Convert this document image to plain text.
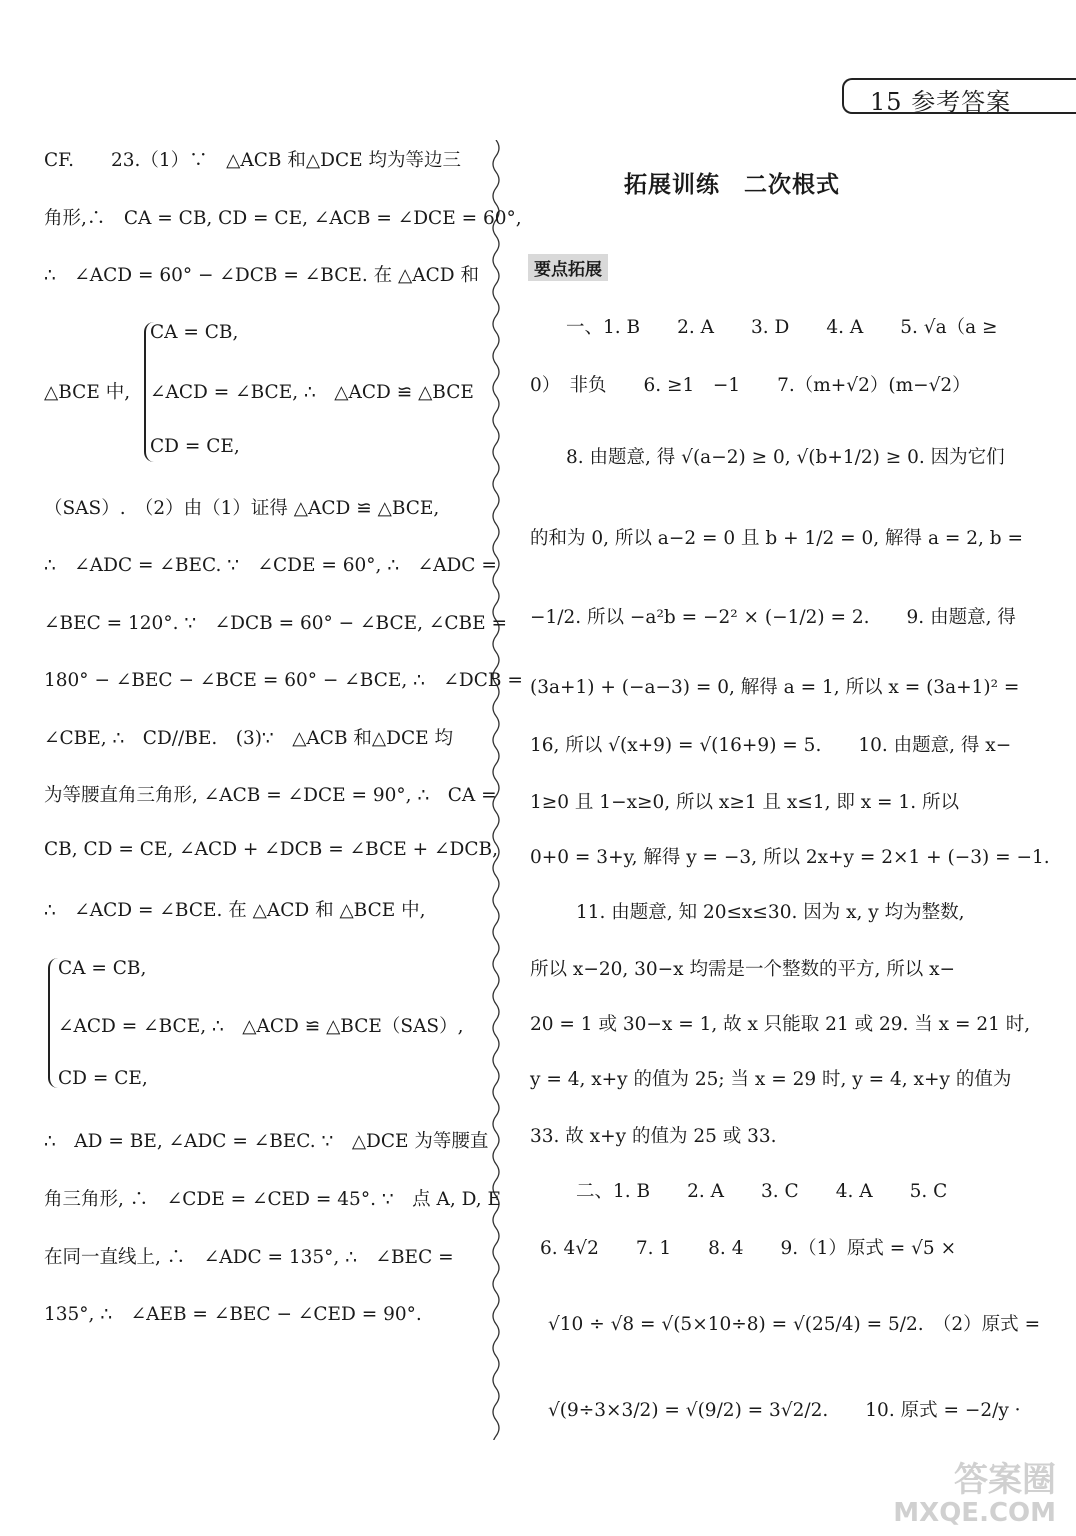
15 参考答案
CF.　　23.（1）∵　△ACB 和△DCE 均为等边三
角形,∴　CA = CB, CD = CE, ∠ACB = ∠DCE = 60°,
∴　∠ACD = 60° − ∠DCB = ∠BCE. 在 △ACD 和
CA = CB,
△BCE 中, ∠ACD = ∠BCE, ∴　△ACD ≌ △BCE
CD = CE,
（SAS）.　（2）由（1）证得 △ACD ≌ △BCE,
∴　∠ADC = ∠BEC. ∵　∠CDE = 60°, ∴　∠ADC =
∠BEC = 120°. ∵　∠DCB = 60° − ∠BCE, ∠CBE =
180° − ∠BEC − ∠BCE = 60° − ∠BCE, ∴　∠DCB =
∠CBE, ∴　CD//BE.　(3)∵　△ACB 和△DCE 均
为等腰直角三角形, ∠ACB = ∠DCE = 90°, ∴　CA =
CB, CD = CE, ∠ACD + ∠DCB = ∠BCE + ∠DCB,
∴　∠ACD = ∠BCE. 在 △ACD 和 △BCE 中,
CA = CB,
∠ACD = ∠BCE, ∴　△ACD ≌ △BCE（SAS）,
CD = CE,
∴　AD = BE, ∠ADC = ∠BEC. ∵　△DCE 为等腰直
角三角形, ∴　∠CDE = ∠CED = 45°. ∵　点 A, D, E
在同一直线上, ∴　∠ADC = 135°, ∴　∠BEC =
135°, ∴　∠AEB = ∠BEC − ∠CED = 90°.
拓展训练　二次根式
要点拓展
一、1. B　　2. A　　3. D　　4. A　　5. √a（a ≥
0）　非负　　6. ≥1　−1　　7.（m+√2）(m−√2）
8. 由题意, 得 √(a−2) ≥ 0, √(b+1/2) ≥ 0. 因为它们
的和为 0, 所以 a−2 = 0 且 b + 1/2 = 0, 解得 a = 2, b =
−1/2. 所以 −a²b = −2² × (−1/2) = 2.　　9. 由题意, 得
(3a+1) + (−a−3) = 0, 解得 a = 1, 所以 x = (3a+1)² =
16, 所以 √(x+9) = √(16+9) = 5.　　10. 由题意, 得 x−
1≥0 且 1−x≥0, 所以 x≥1 且 x≤1, 即 x = 1. 所以
0+0 = 3+y, 解得 y = −3, 所以 2x+y = 2×1 + (−3) = −1.
11. 由题意, 知 20≤x≤30. 因为 x, y 均为整数,
所以 x−20, 30−x 均需是一个整数的平方, 所以 x−
20 = 1 或 30−x = 1, 故 x 只能取 21 或 29. 当 x = 21 时,
y = 4, x+y 的值为 25; 当 x = 29 时, y = 4, x+y 的值为
33. 故 x+y 的值为 25 或 33.
二、1. B　　2. A　　3. C　　4. A　　5. C
6. 4√2　　7. 1　　8. 4　　9.（1）原式 = √5 ×
√10 ÷ √8 = √(5×10÷8) = √(25/4) = 5/2.　（2）原式 =
√(9÷3×3/2) = √(9/2) = 3√2/2.　　10. 原式 = −2/y ·
答案圈
MXQE.COM
